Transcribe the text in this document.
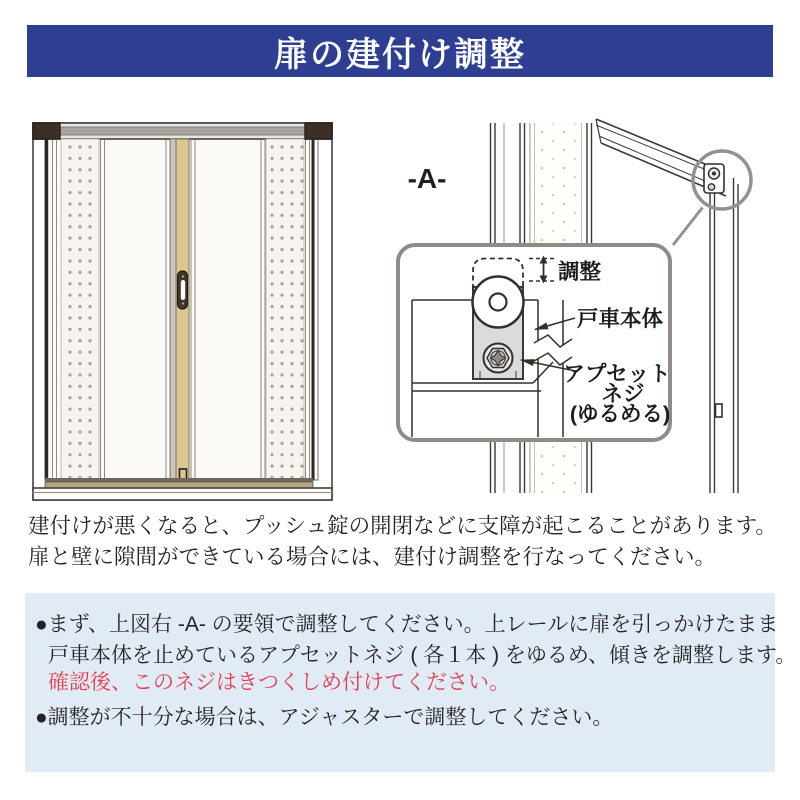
扉の建付け調整
-A-
調整
戸車本体
アプセット
ネジ
(ゆるめる)
建付けが悪くなると、プッシュ錠の開閉などに支障が起こることがあります。
扉と壁に隙間ができている場合には、建付け調整を行なってください。
●まず、上図右 -A- の要領で調整してください。上レールに扉を引っかけたまま
戸車本体を止めているアプセットネジ ( 各１本 ) をゆるめ、傾きを調整します。
確認後、このネジはきつくしめ付けてください。
●調整が不十分な場合は、アジャスターで調整してください。
